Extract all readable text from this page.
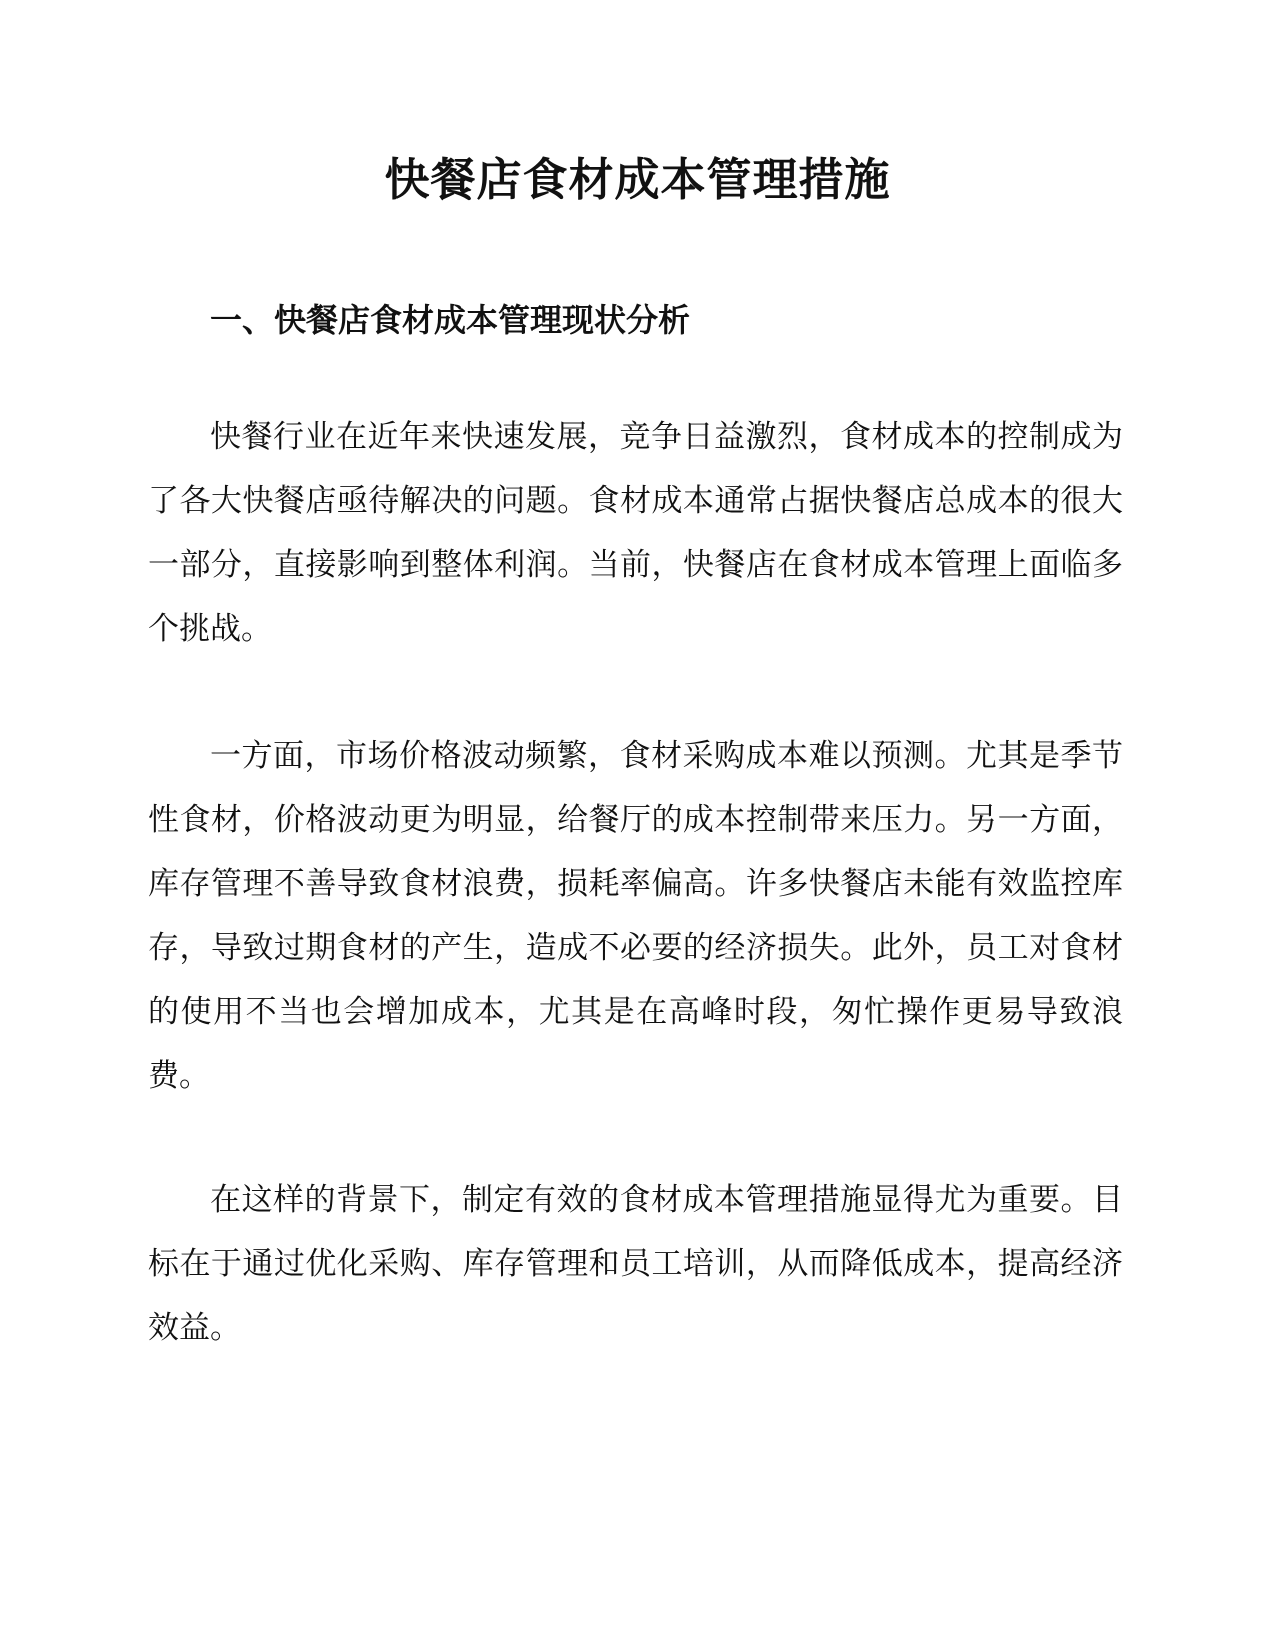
快餐店食材成本管理措施
一、快餐店食材成本管理现状分析

快餐行业在近年来快速发展，竞争日益激烈，食材成本的控制成为了各大快餐店亟待解决的问题。食材成本通常占据快餐店总成本的很大一部分，直接影响到整体利润。当前，快餐店在食材成本管理上面临多个挑战。

一方面，市场价格波动频繁，食材采购成本难以预测。尤其是季节性食材，价格波动更为明显，给餐厅的成本控制带来压力。另一方面，库存管理不善导致食材浪费，损耗率偏高。许多快餐店未能有效监控库存，导致过期食材的产生，造成不必要的经济损失。此外，员工对食材的使用不当也会增加成本，尤其是在高峰时段，匆忙操作更易导致浪费。

在这样的背景下，制定有效的食材成本管理措施显得尤为重要。目标在于通过优化采购、库存管理和员工培训，从而降低成本，提高经济效益。
